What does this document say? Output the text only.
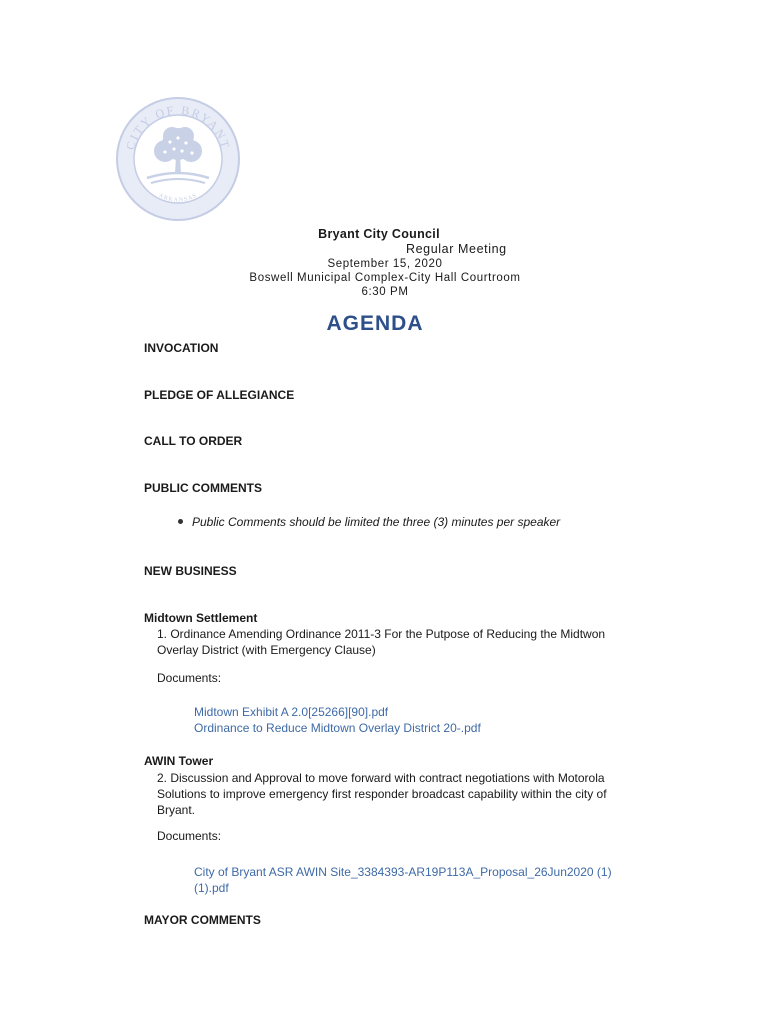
CITY OF BRYANT
ARKANSAS
Bryant City Council
Regular Meeting
September 15, 2020
Boswell Municipal Complex-City Hall Courtroom
6:30 PM
AGENDA
INVOCATION
PLEDGE OF ALLEGIANCE
CALL TO ORDER
PUBLIC COMMENTS
Public Comments should be limited the three (3) minutes per speaker
NEW BUSINESS
Midtown Settlement
1. Ordinance Amending Ordinance 2011-3 For the Putpose of Reducing the Midtwon Overlay District (with Emergency Clause)
Documents:
Midtown Exhibit A 2.0[25266][90].pdf
Ordinance to Reduce Midtown Overlay District 20-.pdf
AWIN Tower
2. Discussion and Approval to move forward with contract negotiations with Motorola Solutions to improve emergency first responder broadcast capability within the city of Bryant.
Documents:
City of Bryant ASR AWIN Site_3384393-AR19P113A_Proposal_26Jun2020 (1) (1).pdf
MAYOR COMMENTS
